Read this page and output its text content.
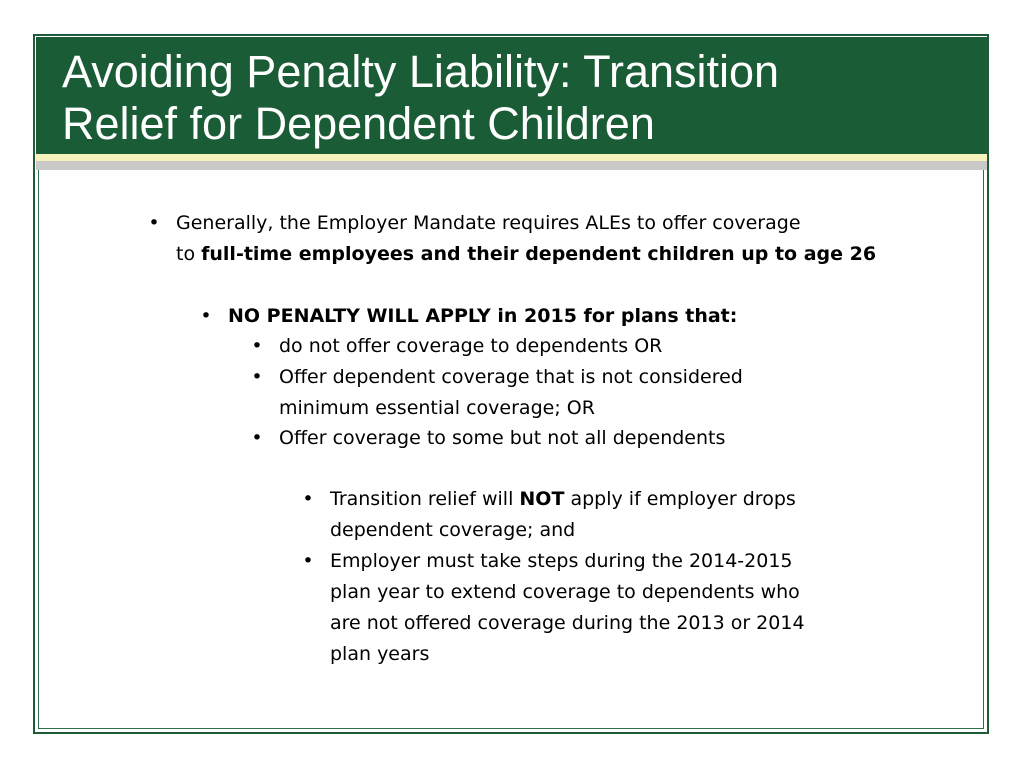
Avoiding Penalty Liability: Transition
Relief for Dependent Children
• Generally, the Employer Mandate requires ALEs to offer coverage
to full-time employees and their dependent children up to age 26
• NO PENALTY WILL APPLY in 2015 for plans that:
• do not offer coverage to dependents OR
• Offer dependent coverage that is not considered
minimum essential coverage; OR
• Offer coverage to some but not all dependents
• Transition relief will NOT apply if employer drops
dependent coverage; and
• Employer must take steps during the 2014-2015
plan year to extend coverage to dependents who
are not offered coverage during the 2013 or 2014
plan years
